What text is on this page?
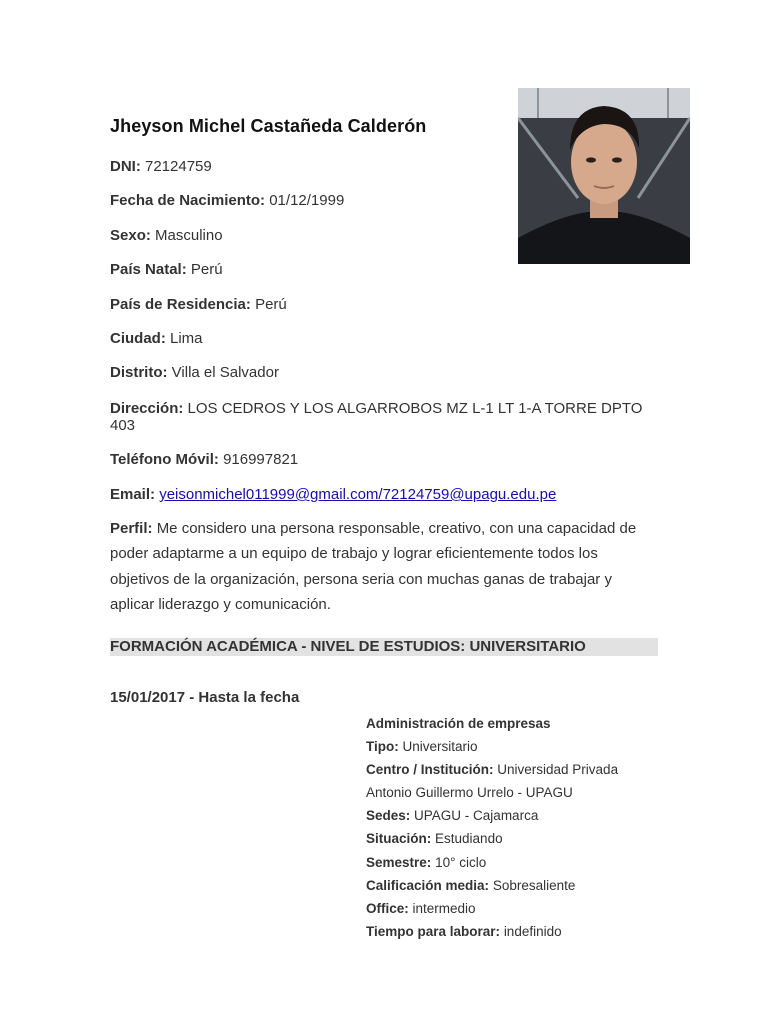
Jheyson Michel Castañeda Calderón
DNI: 72124759
Fecha de Nacimiento: 01/12/1999
Sexo: Masculino
País Natal: Perú
País de Residencia: Perú
Ciudad: Lima
Distrito: Villa el Salvador
Dirección: LOS CEDROS Y LOS ALGARROBOS MZ L-1 LT 1-A TORRE DPTO 403
Teléfono Móvil: 916997821
Email: yeisonmichel011999@gmail.com/72124759@upagu.edu.pe
Perfil: Me considero una persona responsable, creativo, con una capacidad de poder adaptarme a un equipo de trabajo y lograr eficientemente todos los objetivos de la organización, persona seria con muchas ganas de trabajar y aplicar liderazgo y comunicación.
FORMACIÓN ACADÉMICA - NIVEL DE ESTUDIOS: UNIVERSITARIO
15/01/2017 - Hasta la fecha
Administración de empresas
Tipo: Universitario
Centro / Institución: Universidad Privada Antonio Guillermo Urrelo - UPAGU
Sedes: UPAGU - Cajamarca
Situación: Estudiando
Semestre: 10° ciclo
Calificación media: Sobresaliente
Office: intermedio
Tiempo para laborar: indefinido
